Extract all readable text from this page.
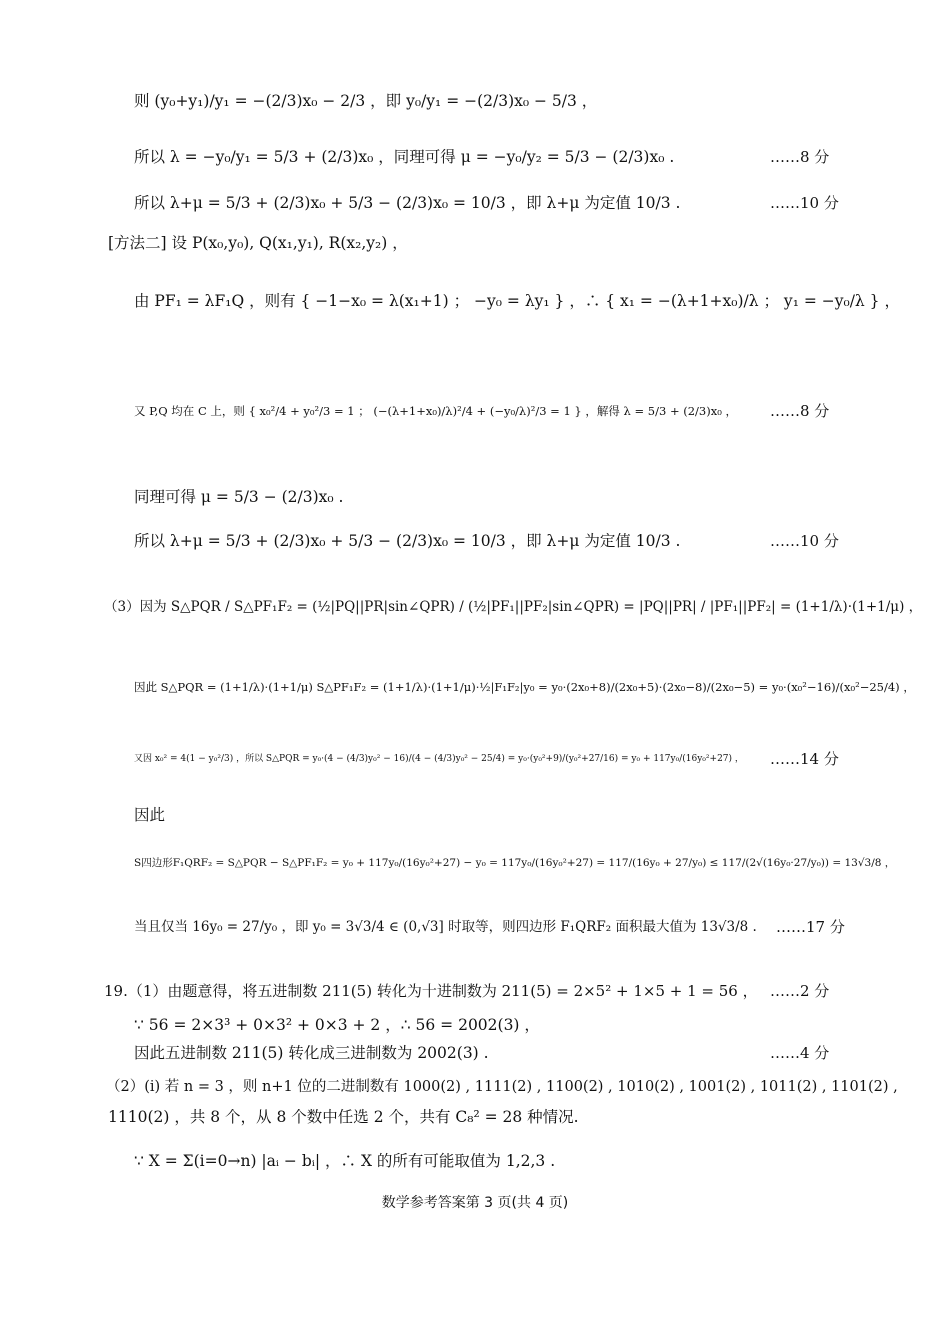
则 (y₀+y₁)/y₁ = −(2/3)x₀ − 2/3 ，即 y₀/y₁ = −(2/3)x₀ − 5/3 ，
所以 λ = −y₀/y₁ = 5/3 + (2/3)x₀ ，同理可得 μ = −y₀/y₂ = 5/3 − (2/3)x₀ .	……8 分
所以 λ+μ = 5/3 + (2/3)x₀ + 5/3 − (2/3)x₀ = 10/3 ，即 λ+μ 为定值 10/3 .	……10 分
[方法二] 设 P(x₀,y₀), Q(x₁,y₁), R(x₂,y₂) ，
由 PF₁ = λF₁Q ，则有 { −1−x₀ = λ(x₁+1) ； −y₀ = λy₁ } ，∴ { x₁ = −(λ+1+x₀)/λ ； y₁ = −y₀/λ } ，
又 P,Q 均在 C 上，则 { x₀²/4 + y₀²/3 = 1 ； (−(λ+1+x₀)/λ)²/4 + (−y₀/λ)²/3 = 1 } ，解得 λ = 5/3 + (2/3)x₀ ， ……8 分
同理可得 μ = 5/3 − (2/3)x₀ .
所以 λ+μ = 5/3 + (2/3)x₀ + 5/3 − (2/3)x₀ = 10/3 ，即 λ+μ 为定值 10/3 .	……10 分
（3）因为 S△PQR / S△PF₁F₂ = (½|PQ||PR|sin∠QPR) / (½|PF₁||PF₂|sin∠QPR) = |PQ||PR| / |PF₁||PF₂| = (1+1/λ)·(1+1/μ) ，
因此 S△PQR = (1+1/λ)·(1+1/μ) S△PF₁F₂ = (1+1/λ)·(1+1/μ)·½|F₁F₂|y₀ = y₀·(2x₀+8)/(2x₀+5)·(2x₀−8)/(2x₀−5) = y₀·(x₀²−16)/(x₀²−25/4) ，
又因 x₀² = 4(1 − y₀²/3) ，所以 S△PQR = y₀·(4 − (4/3)y₀² − 16)/(4 − (4/3)y₀² − 25/4) = y₀·(y₀²+9)/(y₀²+27/16) = y₀ + 117y₀/(16y₀²+27) ， ……14 分
因此
S四边形F₁QRF₂ = S△PQR − S△PF₁F₂ = y₀ + 117y₀/(16y₀²+27) − y₀ = 117y₀/(16y₀²+27) = 117/(16y₀ + 27/y₀) ≤ 117/(2√(16y₀·27/y₀)) = 13√3/8 ，
当且仅当 16y₀ = 27/y₀ ，即 y₀ = 3√3/4 ∈ (0,√3] 时取等，则四边形 F₁QRF₂ 面积最大值为 13√3/8 . ……17 分
19.（1）由题意得，将五进制数 211(5) 转化为十进制数为 211(5) = 2×5² + 1×5 + 1 = 56 ， ……2 分
∵ 56 = 2×3³ + 0×3² + 0×3 + 2 ，∴ 56 = 2002(3) ，
因此五进制数 211(5) 转化成三进制数为 2002(3) .	……4 分
（2）(i) 若 n = 3 ，则 n+1 位的二进制数有 1000(2) , 1111(2) , 1100(2) , 1010(2) , 1001(2) , 1011(2) , 1101(2) ,
1110(2) ，共 8 个，从 8 个数中任选 2 个，共有 C₈² = 28 种情况.
∵ X = Σ(i=0→n) |aᵢ − bᵢ| ，∴ X 的所有可能取值为 1,2,3 .
数学参考答案第 3 页(共 4 页)
